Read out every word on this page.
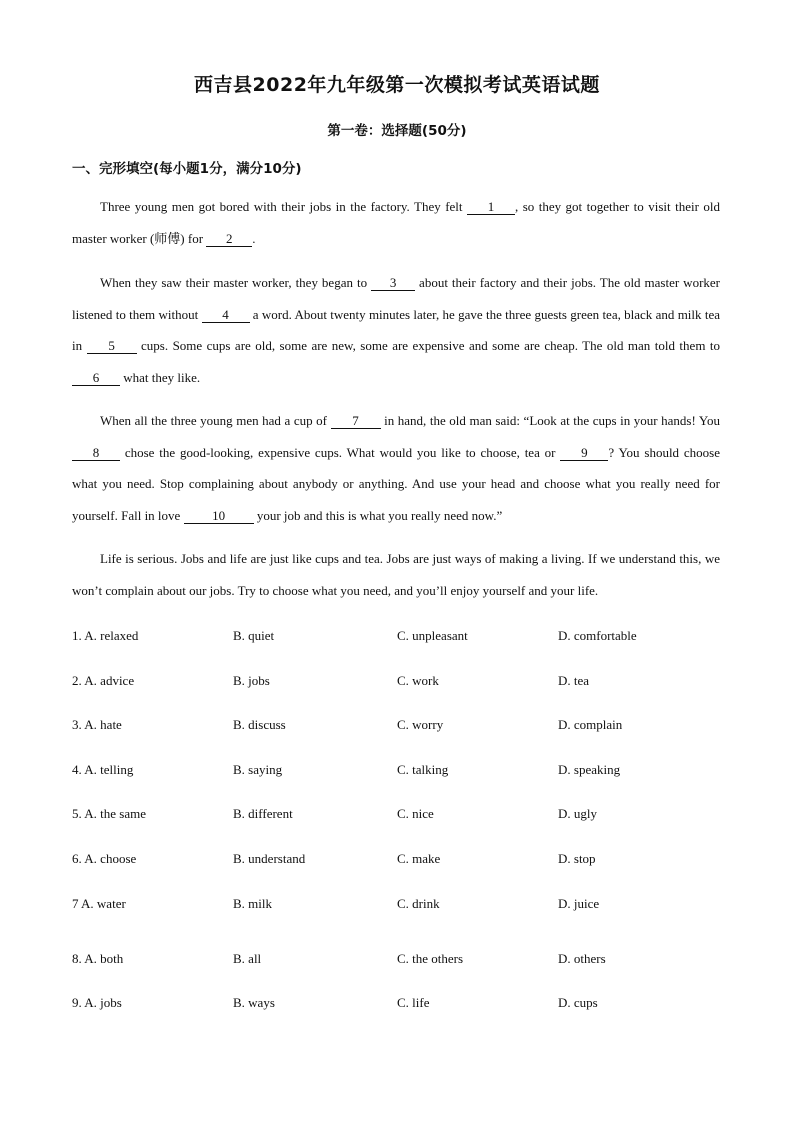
西吉县2022年九年级第一次模拟考试英语试题
第一卷：选择题(50分)
一、完形填空(每小题1分，满分10分)
Three young men got bored with their jobs in the factory. They felt 1 , so they got together to visit their old master worker (师傅) for 2 .
When they saw their master worker, they began to 3 about their factory and their jobs. The old master worker listened to them without 4 a word. About twenty minutes later, he gave the three guests green tea, black and milk tea in 5 cups. Some cups are old, some are new, some are expensive and some are cheap. The old man told them to 6 what they like.
When all the three young men had a cup of 7 in hand, the old man said: “Look at the cups in your hands! You 8 chose the good-looking, expensive cups. What would you like to choose, tea or 9 ? You should choose what you need. Stop complaining about anybody or anything. And use your head and choose what you really need for yourself. Fall in love 10 your job and this is what you really need now.”
Life is serious. Jobs and life are just like cups and tea. Jobs are just ways of making a living. If we understand this, we won’t complain about our jobs. Try to choose what you need, and you’ll enjoy yourself and your life.
1. A. relaxed	B. quiet	C. unpleasant	D. comfortable
2. A. advice	B. jobs	C. work	D. tea
3. A. hate	B. discuss	C. worry	D. complain
4. A. telling	B. saying	C. talking	D. speaking
5. A. the same	B. different	C. nice	D. ugly
6. A. choose	B. understand	C. make	D. stop
7 A. water	B. milk	C. drink	D. juice
8. A. both	B. all	C. the others	D. others
9. A. jobs	B. ways	C. life	D. cups
